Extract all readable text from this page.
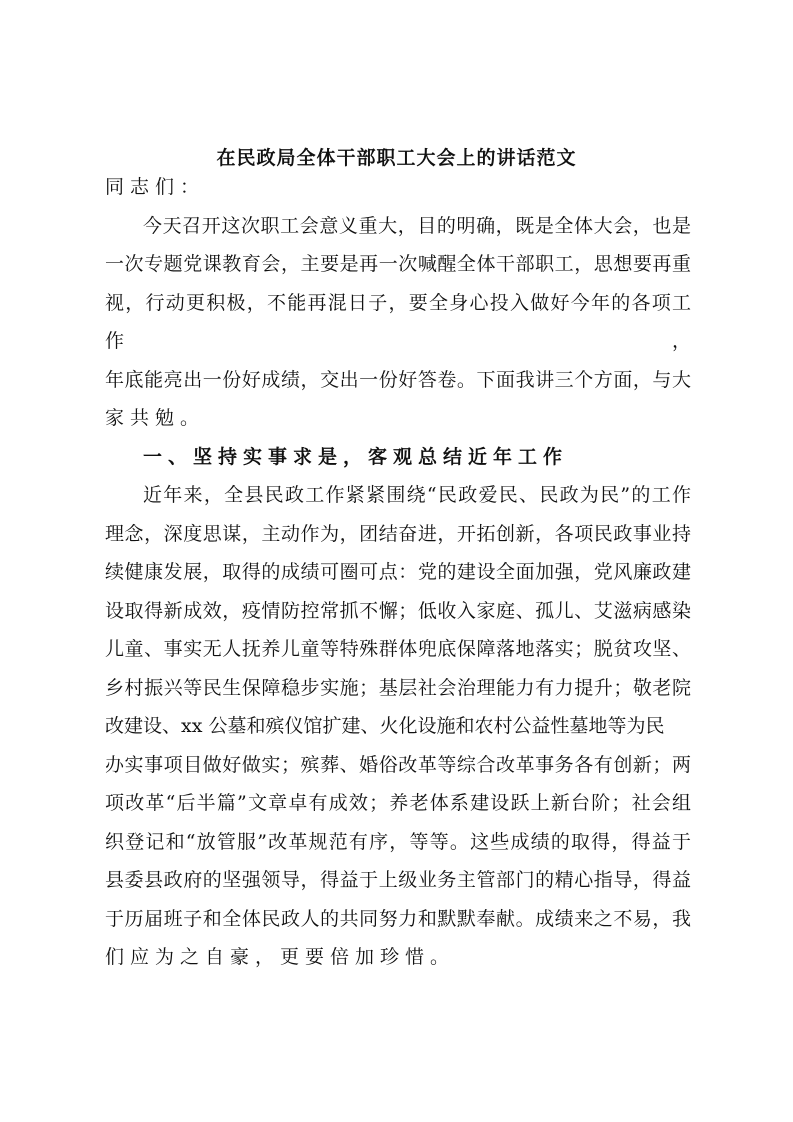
在民政局全体干部职工大会上的讲话范文
同志们：
今天召开这次职工会意义重大，目的明确，既是全体大会，也是
一次专题党课教育会，主要是再一次喊醒全体干部职工，思想要再重
视，行动更积极，不能再混日子，要全身心投入做好今年的各项工作，
年底能亮出一份好成绩，交出一份好答卷。下面我讲三个方面，与大
家共勉。
一、坚持实事求是，客观总结近年工作
近年来，全县民政工作紧紧围绕“民政爱民、民政为民”的工作
理念，深度思谋，主动作为，团结奋进，开拓创新，各项民政事业持
续健康发展，取得的成绩可圈可点：党的建设全面加强，党风廉政建
设取得新成效，疫情防控常抓不懈；低收入家庭、孤儿、艾滋病感染
儿童、事实无人抚养儿童等特殊群体兜底保障落地落实；脱贫攻坚、
乡村振兴等民生保障稳步实施；基层社会治理能力有力提升；敬老院
改建设、xx 公墓和殡仪馆扩建、火化设施和农村公益性墓地等为民
办实事项目做好做实；殡葬、婚俗改革等综合改革事务各有创新；两
项改革“后半篇”文章卓有成效；养老体系建设跃上新台阶；社会组
织登记和“放管服”改革规范有序，等等。这些成绩的取得，得益于
县委县政府的坚强领导，得益于上级业务主管部门的精心指导，得益
于历届班子和全体民政人的共同努力和默默奉献。成绩来之不易，我
们应为之自豪，更要倍加珍惜。
